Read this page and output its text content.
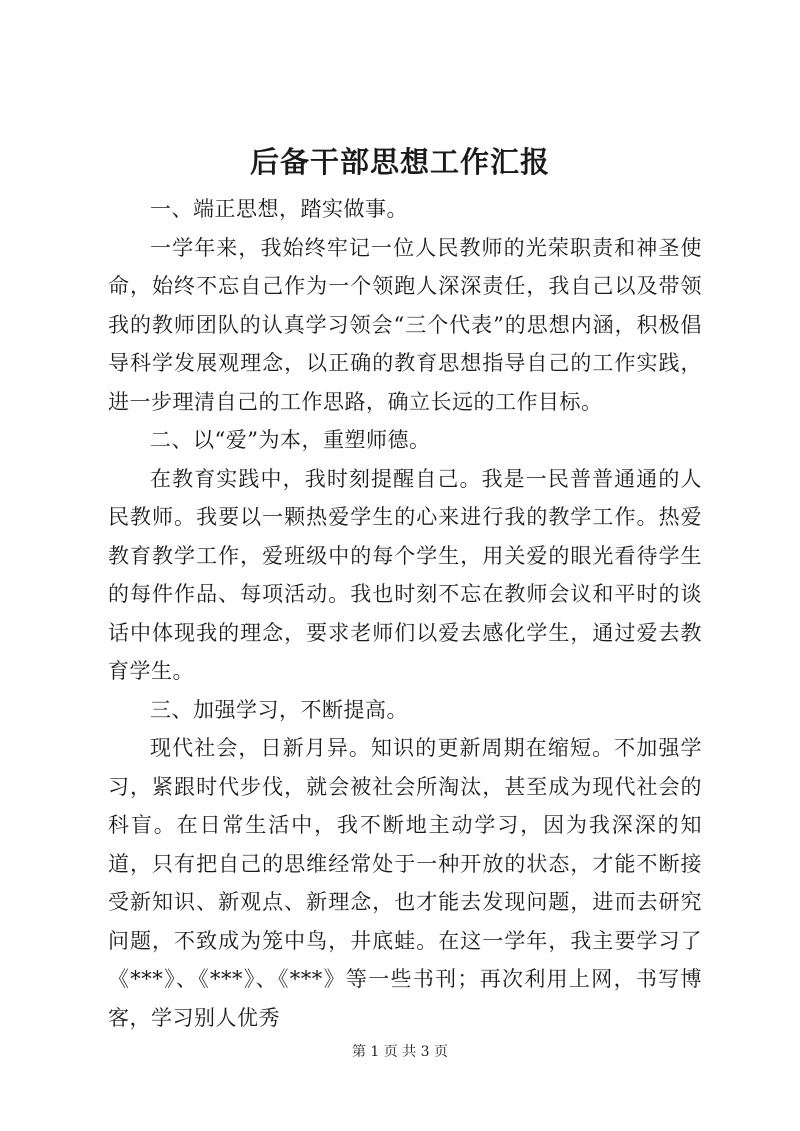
后备干部思想工作汇报

一、端正思想，踏实做事。

一学年来，我始终牢记一位人民教师的光荣职责和神圣使命，始终不忘自己作为一个领跑人深深责任，我自己以及带领我的教师团队的认真学习领会“三个代表”的思想内涵，积极倡导科学发展观理念，以正确的教育思想指导自己的工作实践，进一步理清自己的工作思路，确立长远的工作目标。

二、以“爱”为本，重塑师德。

在教育实践中，我时刻提醒自己。我是一民普普通通的人民教师。我要以一颗热爱学生的心来进行我的教学工作。热爱教育教学工作，爱班级中的每个学生，用关爱的眼光看待学生的每件作品、每项活动。我也时刻不忘在教师会议和平时的谈话中体现我的理念，要求老师们以爱去感化学生，通过爱去教育学生。

三、加强学习，不断提高。

现代社会，日新月异。知识的更新周期在缩短。不加强学习，紧跟时代步伐，就会被社会所淘汰，甚至成为现代社会的科盲。在日常生活中，我不断地主动学习，因为我深深的知道，只有把自己的思维经常处于一种开放的状态，才能不断接受新知识、新观点、新理念，也才能去发现问题，进而去研究问题，不致成为笼中鸟，井底蛙。在这一学年，我主要学习了《***》、《***》、《***》等一些书刊；再次利用上网，书写博客，学习别人优秀

第 1 页 共 3 页
